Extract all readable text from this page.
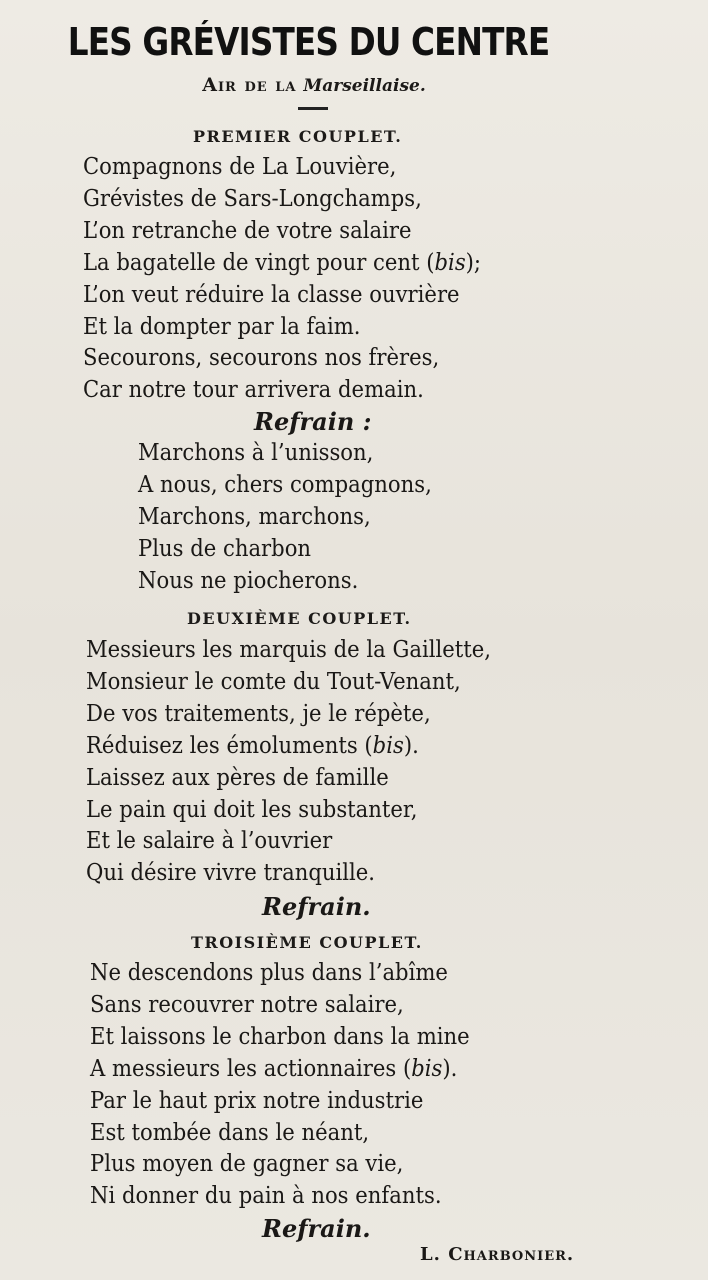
LES GRÉVISTES DU CENTRE
Air de la Marseillaise.
PREMIER COUPLET.
Compagnons de La Louvière,
Grévistes de Sars-Longchamps,
L’on retranche de votre salaire
La bagatelle de vingt pour cent (bis);
L’on veut réduire la classe ouvrière
Et la dompter par la faim.
Secourons, secourons nos frères,
Car notre tour arrivera demain.
Refrain :
Marchons à l’unisson,
A nous, chers compagnons,
Marchons, marchons,
Plus de charbon
Nous ne piocherons.
DEUXIÈME COUPLET.
Messieurs les marquis de la Gaillette,
Monsieur le comte du Tout-Venant,
De vos traitements, je le répète,
Réduisez les émoluments (bis).
Laissez aux pères de famille
Le pain qui doit les substanter,
Et le salaire à l’ouvrier
Qui désire vivre tranquille.
Refrain.
TROISIÈME COUPLET.
Ne descendons plus dans l’abîme
Sans recouvrer notre salaire,
Et laissons le charbon dans la mine
A messieurs les actionnaires (bis).
Par le haut prix notre industrie
Est tombée dans le néant,
Plus moyen de gagner sa vie,
Ni donner du pain à nos enfants.
Refrain.
L. Charbonier.
